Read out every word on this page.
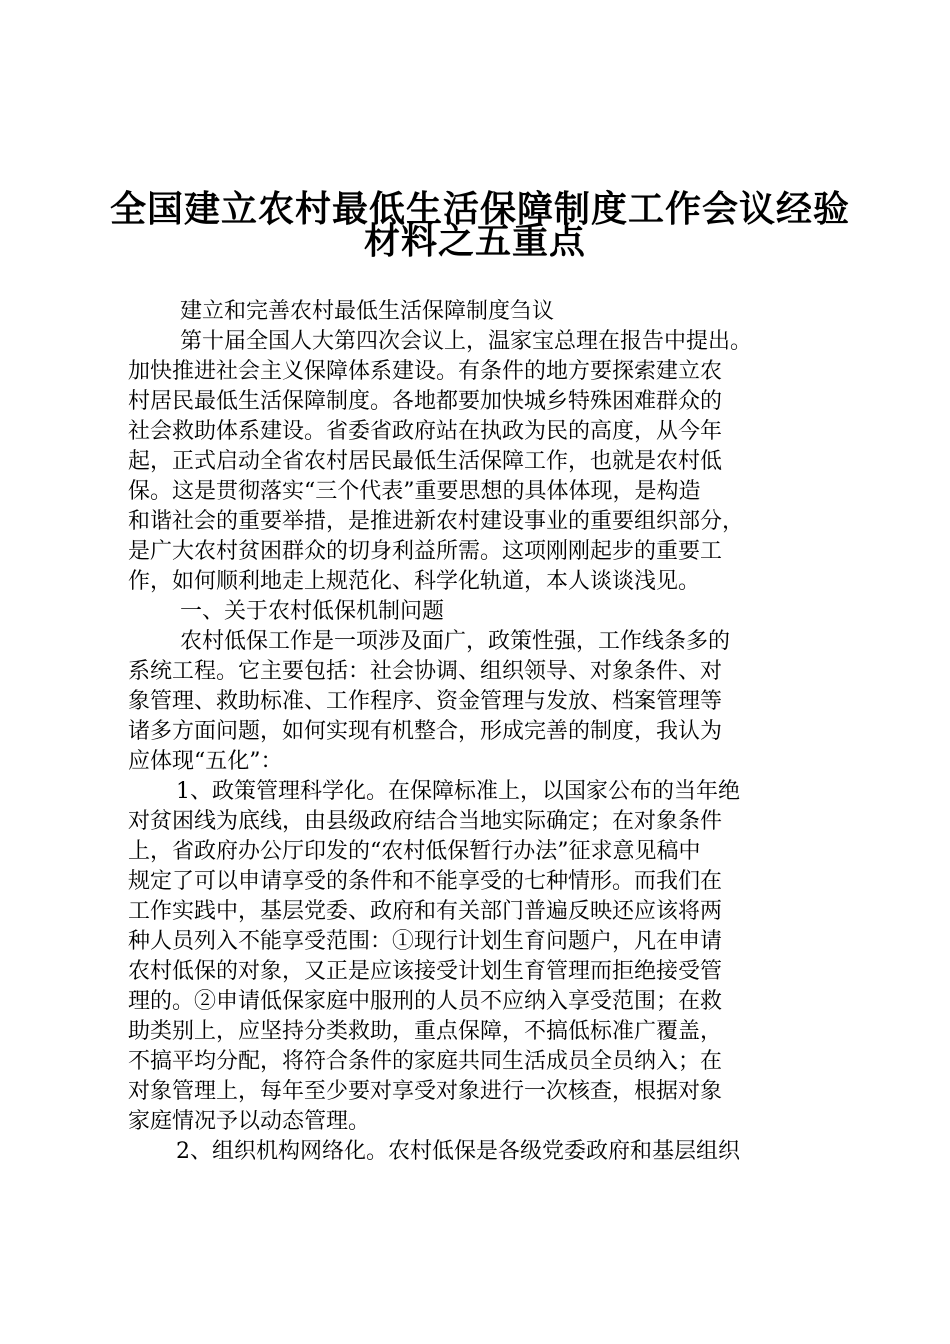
全国建立农村最低生活保障制度工作会议经验
材料之五重点
建立和完善农村最低生活保障制度刍议
第十届全国人大第四次会议上，温家宝总理在报告中提出。
加快推进社会主义保障体系建设。有条件的地方要探索建立农
村居民最低生活保障制度。各地都要加快城乡特殊困难群众的
社会救助体系建设。省委省政府站在执政为民的高度，从今年
起，正式启动全省农村居民最低生活保障工作，也就是农村低
保。这是贯彻落实“三个代表”重要思想的具体体现，是构造
和谐社会的重要举措，是推进新农村建设事业的重要组织部分，
是广大农村贫困群众的切身利益所需。这项刚刚起步的重要工
作，如何顺利地走上规范化、科学化轨道，本人谈谈浅见。
一、关于农村低保机制问题
农村低保工作是一项涉及面广，政策性强，工作线条多的
系统工程。它主要包括：社会协调、组织领导、对象条件、对
象管理、救助标准、工作程序、资金管理与发放、档案管理等
诸多方面问题，如何实现有机整合，形成完善的制度，我认为
应体现“五化”：
1、政策管理科学化。在保障标准上，以国家公布的当年绝
对贫困线为底线，由县级政府结合当地实际确定；在对象条件
上，省政府办公厅印发的“农村低保暂行办法”征求意见稿中
规定了可以申请享受的条件和不能享受的七种情形。而我们在
工作实践中，基层党委、政府和有关部门普遍反映还应该将两
种人员列入不能享受范围：①现行计划生育问题户，凡在申请
农村低保的对象，又正是应该接受计划生育管理而拒绝接受管
理的。②申请低保家庭中服刑的人员不应纳入享受范围；在救
助类别上，应坚持分类救助，重点保障，不搞低标准广覆盖，
不搞平均分配，将符合条件的家庭共同生活成员全员纳入；在
对象管理上，每年至少要对享受对象进行一次核查，根据对象
家庭情况予以动态管理。
2、组织机构网络化。农村低保是各级党委政府和基层组织
